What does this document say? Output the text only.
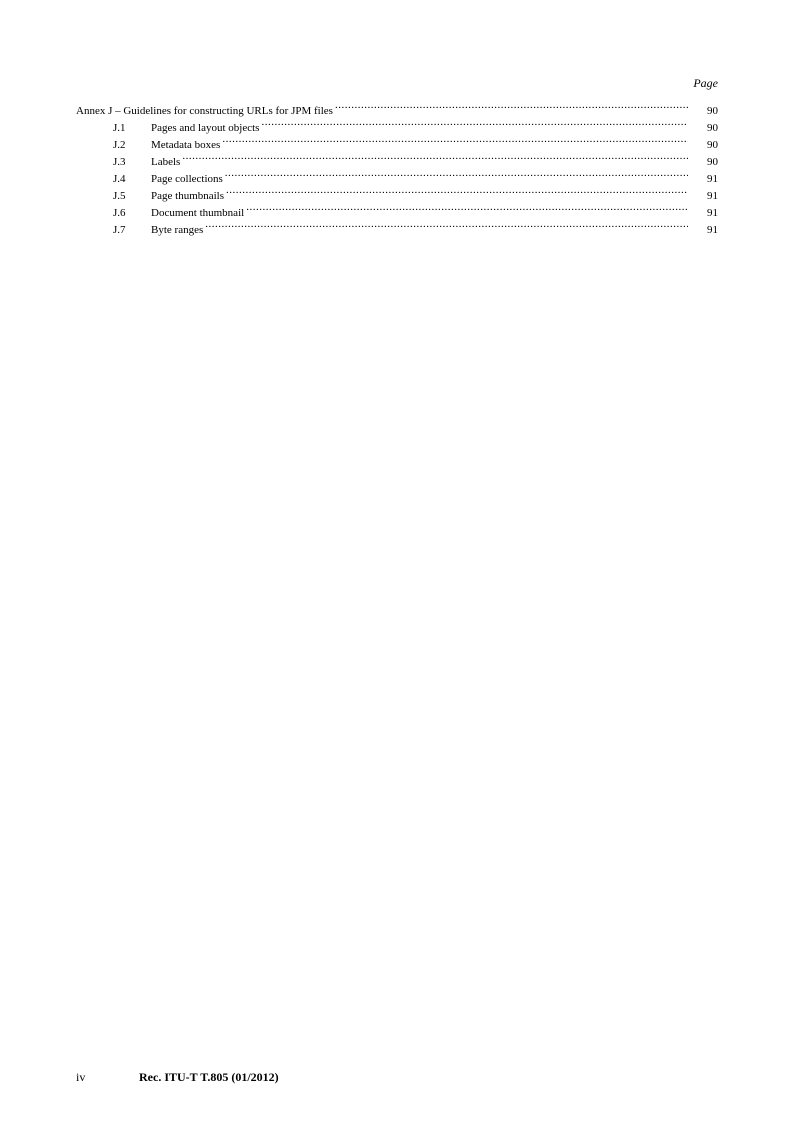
Page
Annex J – Guidelines for constructing URLs for JPM files .....	90
J.1	Pages and layout objects .....	90
J.2	Metadata boxes .....	90
J.3	Labels .....	90
J.4	Page collections .....	91
J.5	Page thumbnails .....	91
J.6	Document thumbnail .....	91
J.7	Byte ranges .....	91
iv	Rec. ITU-T T.805 (01/2012)
